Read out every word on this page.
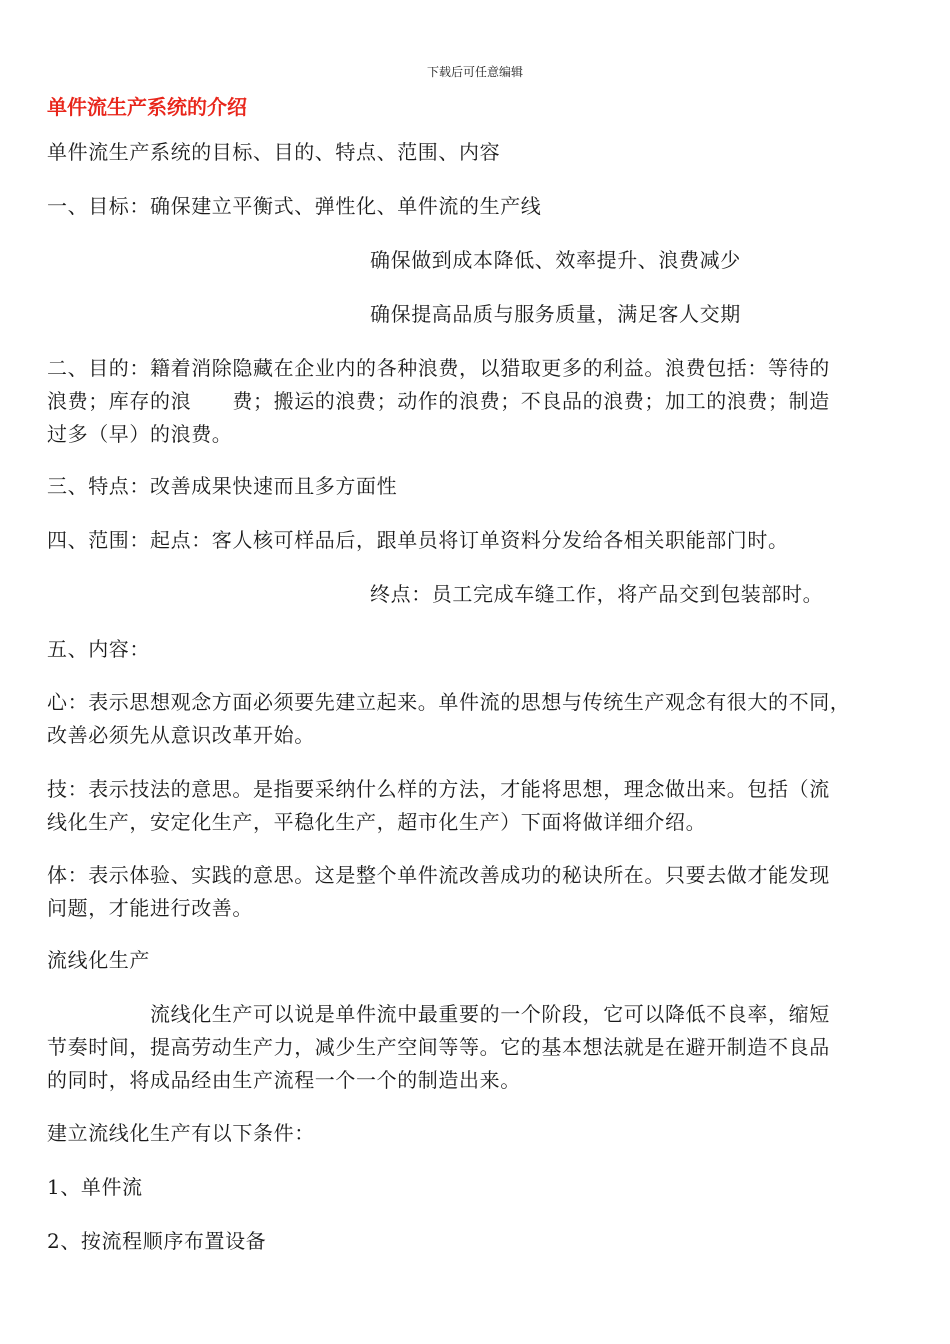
下载后可任意编辑
单件流生产系统的介绍
单件流生产系统的目标、目的、特点、范围、内容
一、目标：确保建立平衡式、弹性化、单件流的生产线
确保做到成本降低、效率提升、浪费减少
确保提高品质与服务质量，满足客人交期
二、目的：籍着消除隐藏在企业内的各种浪费，以猎取更多的利益。浪费包括：等待的
浪费；库存的浪　　费；搬运的浪费；动作的浪费；不良品的浪费；加工的浪费；制造
过多（早）的浪费。
三、特点：改善成果快速而且多方面性
四、范围：起点：客人核可样品后，跟单员将订单资料分发给各相关职能部门时。
终点：员工完成车缝工作，将产品交到包装部时。
五、内容：
心：表示思想观念方面必须要先建立起来。单件流的思想与传统生产观念有很大的不同，
改善必须先从意识改革开始。
技：表示技法的意思。是指要采纳什么样的方法，才能将思想，理念做出来。包括（流
线化生产，安定化生产，平稳化生产，超市化生产）下面将做详细介绍。
体：表示体验、实践的意思。这是整个单件流改善成功的秘诀所在。只要去做才能发现
问题，才能进行改善。
流线化生产
　　　　　流线化生产可以说是单件流中最重要的一个阶段，它可以降低不良率，缩短
节奏时间，提高劳动生产力，减少生产空间等等。它的基本想法就是在避开制造不良品
的同时，将成品经由生产流程一个一个的制造出来。
建立流线化生产有以下条件：
1、单件流
2、按流程顺序布置设备
